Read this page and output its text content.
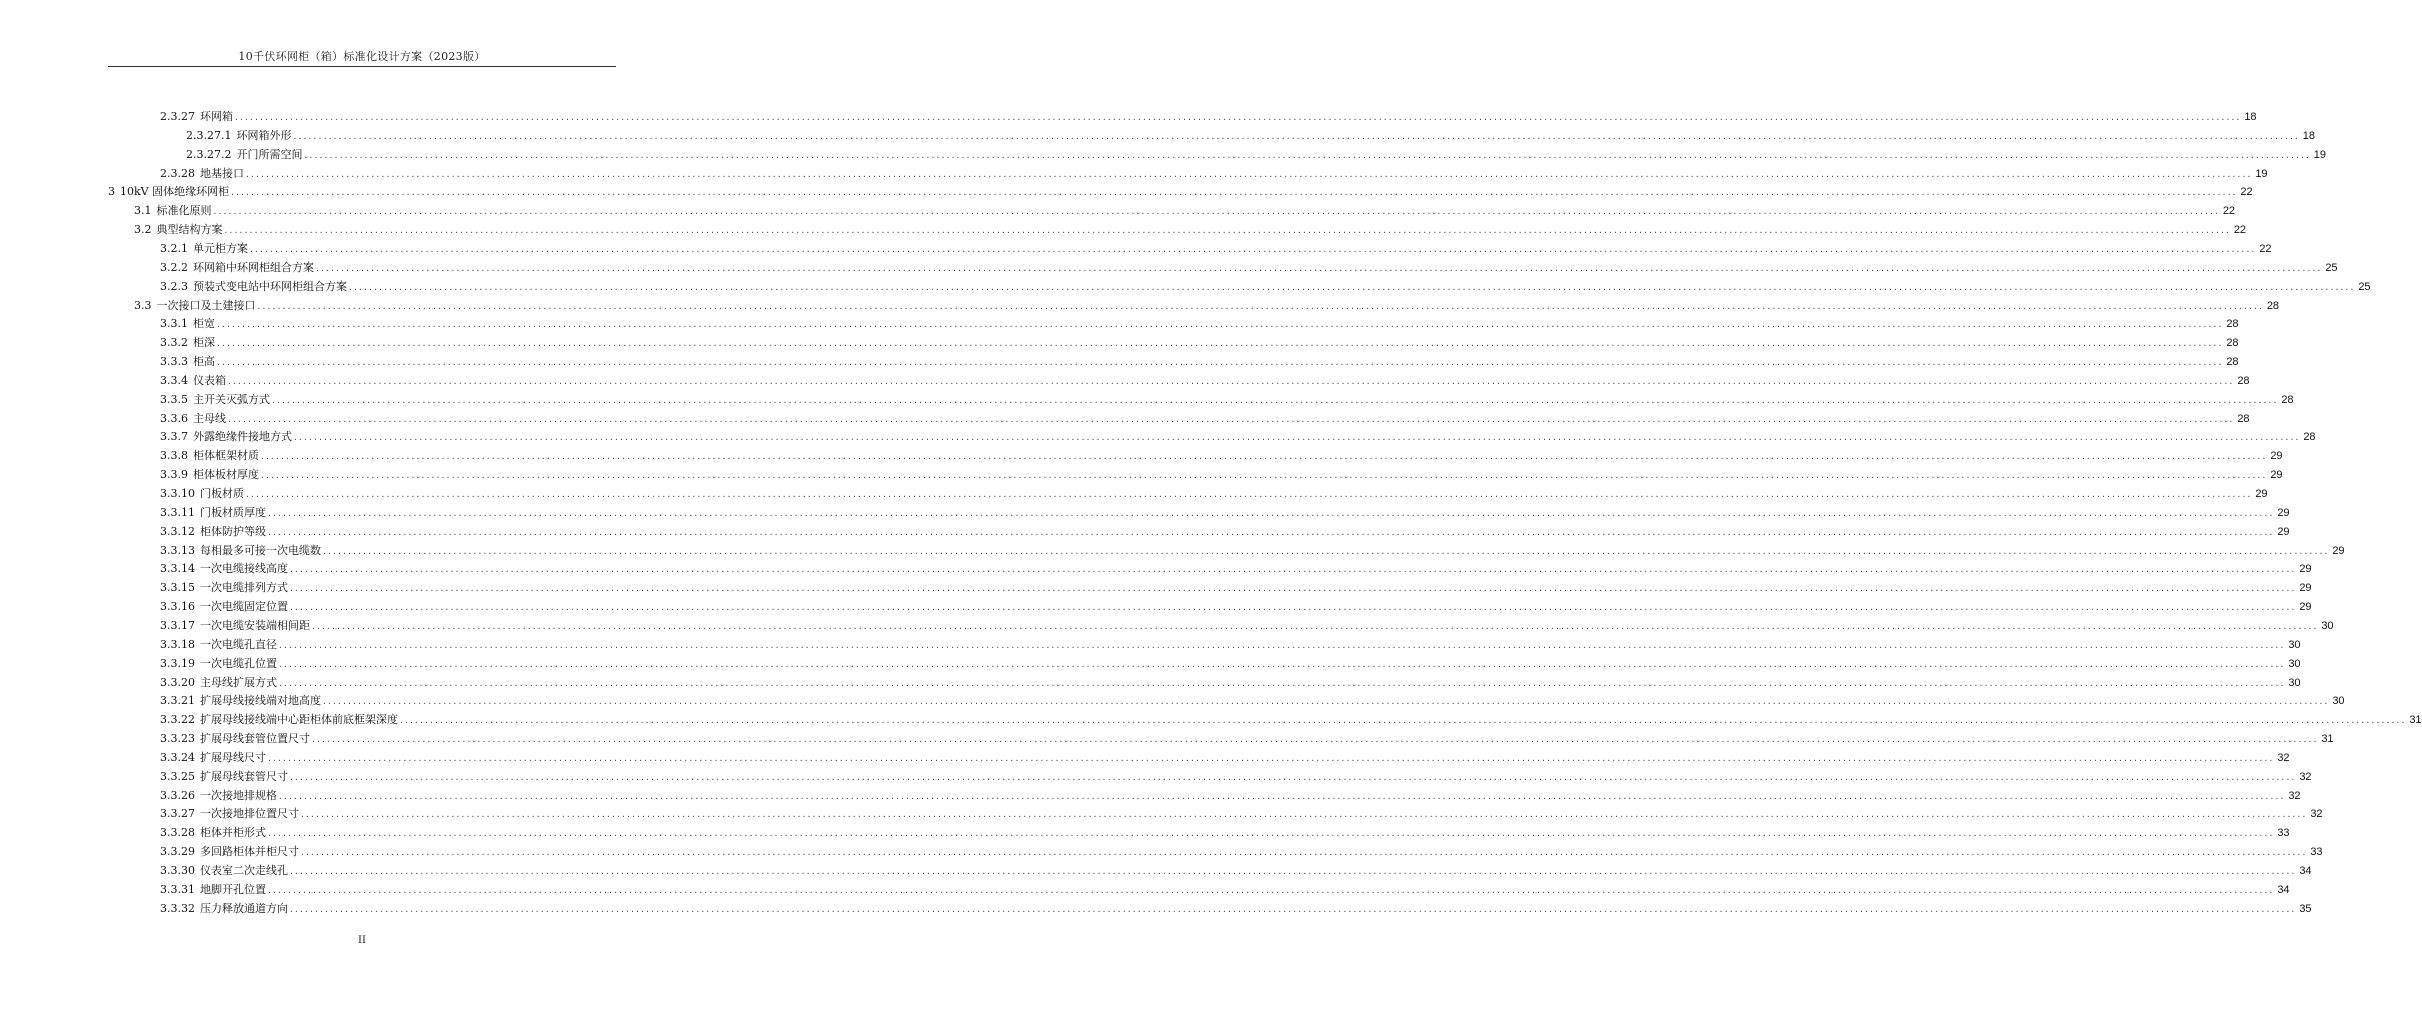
10千伏环网柜（箱）标准化设计方案（2023版）
2.3.27 环网箱 ................................................................................................................................................................................................................................................................................................................................................................................................................ 18
2.3.27.1 环网箱外形 ................................................................................................................................................................................................................................................................................................................................................................................................................ 18
2.3.27.2 开门所需空间 ................................................................................................................................................................................................................................................................................................................................................................................................................ 19
2.3.28 地基接口 ................................................................................................................................................................................................................................................................................................................................................................................................................ 19
3 10kV 固体绝缘环网柜 ................................................................................................................................................................................................................................................................................................................................................................................................................ 22
3.1 标准化原则 ................................................................................................................................................................................................................................................................................................................................................................................................................ 22
3.2 典型结构方案 ................................................................................................................................................................................................................................................................................................................................................................................................................ 22
3.2.1 单元柜方案 ................................................................................................................................................................................................................................................................................................................................................................................................................ 22
3.2.2 环网箱中环网柜组合方案 ................................................................................................................................................................................................................................................................................................................................................................................................................ 25
3.2.3 预装式变电站中环网柜组合方案 ................................................................................................................................................................................................................................................................................................................................................................................................................ 25
3.3 一次接口及土建接口 ................................................................................................................................................................................................................................................................................................................................................................................................................ 28
3.3.1 柜宽 ................................................................................................................................................................................................................................................................................................................................................................................................................ 28
3.3.2 柜深 ................................................................................................................................................................................................................................................................................................................................................................................................................ 28
3.3.3 柜高 ................................................................................................................................................................................................................................................................................................................................................................................................................ 28
3.3.4 仪表箱 ................................................................................................................................................................................................................................................................................................................................................................................................................ 28
3.3.5 主开关灭弧方式 ................................................................................................................................................................................................................................................................................................................................................................................................................ 28
3.3.6 主母线 ................................................................................................................................................................................................................................................................................................................................................................................................................ 28
3.3.7 外露绝缘件接地方式 ................................................................................................................................................................................................................................................................................................................................................................................................................ 28
3.3.8 柜体框架材质 ................................................................................................................................................................................................................................................................................................................................................................................................................ 29
3.3.9 柜体板材厚度 ................................................................................................................................................................................................................................................................................................................................................................................................................ 29
3.3.10 门板材质 ................................................................................................................................................................................................................................................................................................................................................................................................................ 29
3.3.11 门板材质厚度 ................................................................................................................................................................................................................................................................................................................................................................................................................ 29
3.3.12 柜体防护等级 ................................................................................................................................................................................................................................................................................................................................................................................................................ 29
3.3.13 每相最多可接一次电缆数 ................................................................................................................................................................................................................................................................................................................................................................................................................ 29
3.3.14 一次电缆接线高度 ................................................................................................................................................................................................................................................................................................................................................................................................................ 29
3.3.15 一次电缆排列方式 ................................................................................................................................................................................................................................................................................................................................................................................................................ 29
3.3.16 一次电缆固定位置 ................................................................................................................................................................................................................................................................................................................................................................................................................ 29
3.3.17 一次电缆安装端相间距 ................................................................................................................................................................................................................................................................................................................................................................................................................ 30
3.3.18 一次电缆孔直径 ................................................................................................................................................................................................................................................................................................................................................................................................................ 30
3.3.19 一次电缆孔位置 ................................................................................................................................................................................................................................................................................................................................................................................................................ 30
3.3.20 主母线扩展方式 ................................................................................................................................................................................................................................................................................................................................................................................................................ 30
3.3.21 扩展母线接线端对地高度 ................................................................................................................................................................................................................................................................................................................................................................................................................ 30
3.3.22 扩展母线接线端中心距柜体前底框架深度 ................................................................................................................................................................................................................................................................................................................................................................................................................ 31
3.3.23 扩展母线套管位置尺寸 ................................................................................................................................................................................................................................................................................................................................................................................................................ 31
3.3.24 扩展母线尺寸 ................................................................................................................................................................................................................................................................................................................................................................................................................ 32
3.3.25 扩展母线套管尺寸 ................................................................................................................................................................................................................................................................................................................................................................................................................ 32
3.3.26 一次接地排规格 ................................................................................................................................................................................................................................................................................................................................................................................................................ 32
3.3.27 一次接地排位置尺寸 ................................................................................................................................................................................................................................................................................................................................................................................................................ 32
3.3.28 柜体并柜形式 ................................................................................................................................................................................................................................................................................................................................................................................................................ 33
3.3.29 多回路柜体并柜尺寸 ................................................................................................................................................................................................................................................................................................................................................................................................................ 33
3.3.30 仪表室二次走线孔 ................................................................................................................................................................................................................................................................................................................................................................................................................ 34
3.3.31 地脚开孔位置 ................................................................................................................................................................................................................................................................................................................................................................................................................ 34
3.3.32 压力释放通道方向 ................................................................................................................................................................................................................................................................................................................................................................................................................ 35
II
